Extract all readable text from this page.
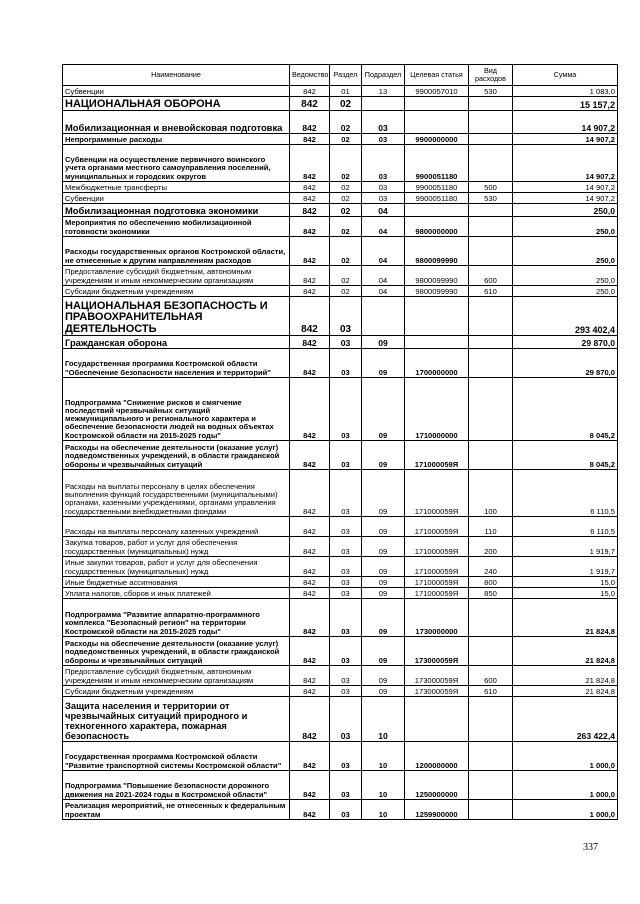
Наименование	Ведомство	Раздел	Подраздел	Целевая статья	Вид расходов	Сумма
Субвенции	842	01	13	9900057010	530	1 083,0
НАЦИОНАЛЬНАЯ ОБОРОНА	842	02				15 157,2
Мобилизационная и вневойсковая подготовка	842	02	03			14 907,2
Непрограммные расходы	842	02	03	9900000000		14 907,2
Субвенции на осуществление первичного воинского учета органами местного самоуправления поселений, муниципальных и городских округов	842	02	03	9900051180		14 907,2
Межбюджетные трансферты	842	02	03	9900051180	500	14 907,2
Субвенции	842	02	03	9900051180	530	14 907,2
Мобилизационная подготовка экономики	842	02	04			250,0
Мероприятия по обеспечению мобилизационной готовности экономики	842	02	04	9800000000		250,0
Расходы государственных органов Костромской области, не отнесенные к другим направлениям расходов	842	02	04	9800099990		250,0
Предоставление субсидий бюджетным, автономным учреждениям и иным некоммерческим организациям	842	02	04	9800099990	600	250,0
Субсидии бюджетным учреждениям	842	02	04	9800099990	610	250,0
НАЦИОНАЛЬНАЯ БЕЗОПАСНОСТЬ И ПРАВООХРАНИТЕЛЬНАЯ ДЕЯТЕЛЬНОСТЬ	842	03				293 402,4
Гражданская оборона	842	03	09			29 870,0
Государственная программа Костромской области "Обеспечение безопасности населения и территорий"	842	03	09	1700000000		29 870,0
Подпрограмма "Снижение рисков и смягчение последствий чрезвычайных ситуаций межмуниципального и регионального характера и обеспечение безопасности людей на водных объектах Костромской области на 2015-2025 годы"	842	03	09	1710000000		8 045,2
Расходы на обеспечение деятельности (оказание услуг) подведомственных учреждений, в области гражданской обороны и чрезвычайных ситуаций	842	03	09	171000059Я		8 045,2
Расходы на выплаты персоналу в целях обеспечения выполнения функций государственными (муниципальными) органами, казенными учреждениями, органами управления государственными внебюджетными фондами	842	03	09	171000059Я	100	6 110,5
Расходы на выплаты персоналу казенных учреждений	842	03	09	171000059Я	110	6 110,5
Закупка товаров, работ и услуг для обеспечения государственных (муниципальных) нужд	842	03	09	171000059Я	200	1 919,7
Иные закупки товаров, работ и услуг для обеспечения государственных (муниципальных) нужд	842	03	09	171000059Я	240	1 919,7
Иные бюджетные ассигнования	842	03	09	171000059Я	800	15,0
Уплата налогов, сборов и иных платежей	842	03	09	171000059Я	850	15,0
Подпрограмма "Развитие аппаратно-программного комплекса "Безопасный регион" на территории Костромской области на 2015-2025 годы"	842	03	09	1730000000		21 824,8
Расходы на обеспечение деятельности (оказание услуг) подведомственных учреждений, в области гражданской обороны и чрезвычайных ситуаций	842	03	09	173000059Я		21 824,8
Предоставление субсидий бюджетным, автономным учреждениям и иным некоммерческим организациям	842	03	09	173000059Я	600	21 824,8
Субсидии бюджетным учреждениям	842	03	09	173000059Я	610	21 824,8
Защита населения и территории от чрезвычайных ситуаций природного и техногенного характера, пожарная безопасность	842	03	10			263 422,4
Государственная программа Костромской области "Развитие транспортной системы Костромской области"	842	03	10	1200000000		1 000,0
Подпрограмма "Повышение безопасности дорожного движения на 2021-2024 годы в Костромской области"	842	03	10	1250000000		1 000,0
Реализация мероприятий, не отнесенных к федеральным проектам	842	03	10	1259900000		1 000,0
337
